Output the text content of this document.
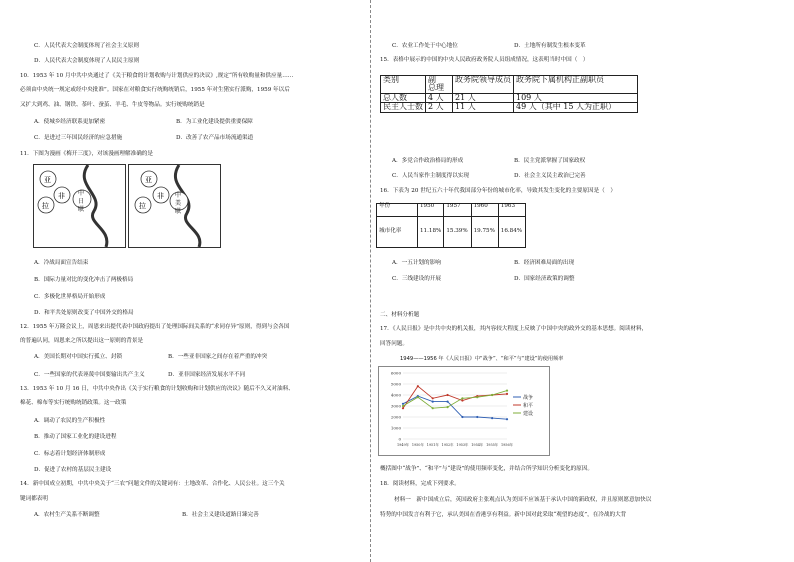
C．人民代表大会制度体现了社会主义原则
D．人民代表大会制度体现了人民民主原则
10．1953 年 10 月中共中央通过了《关于粮食的计划收购与计划供应的决议》,规定“所有收购量和供应量……
必须由中央统一规定或经中央批准”。国家在对粮食实行统购统销后，1955 年对生猪实行派购，1959 年以后
又扩大到鸡、油、钢铁、茶叶、蚕茧、羊毛、牛皮等物品。实行统购统销是
A．使城乡经济联系更加紧密	B．为工业化建设提供重要保障
C．是进过三年国民经济的应急措施	D．改善了农产品市场流通渠道
11．下图为漫画《梅开三度》，对该漫画理解准确的是
A．冷战局面宣告结束
B．国际力量对比的变化冲击了两极格局
C．多极化世界格局开始形成
D．和平共处原则改变了中国外交的格局
12．1955 年万隆会议上，周恩来出提代表中国政府提出了处理国际间关系的“求同存异”原则，得到与会各国
的普遍认同，周恩来之所以提出这一原则的背景是
A．美国长期对中国实行孤立、封锁	B．一些亚非国家之间存在着严重的冲突
C．一些国家的代表诬蔑中国要输出共产主义	D．亚非国家经济发展水平不同
13．1953 年 10 月 16 日，中共中央作出《关于实行粮食的计划收购和计划供应的决议》随后不久又对油料、
棉花、棉布等实行统购统销政策。这一政策
A．调动了农民的生产积极性
B．推动了国家工业化的建设进程
C．标志着计划经济体制形成
D．促进了农村的基层民主建设
14．新中国成立初期，中共中央关于“三农”问题文件的关键词有：土地改革、合作化、人民公社。这三个关
键词都表明
A．农村生产关系不断调整	B．社会主义建设道路日臻完善
亚
非
拉
中
日
联
亚
非
拉
中
美
联
C．农业工作处于中心地位	D．土地所有制发生根本变革
15．表格中展示的中国的中央人民政府政务院人员组成情况，这表明当时中国（　）
A．多党合作政治格局的形成	B．民主党派掌握了国家政权
C．人民当家作主制度得以实现	D．社会主义民主政治已完善
16．下表为 20 世纪五六十年代我国部分年份的城市化率，导致其发生变化的主要原因是（　）
A．一五计划的影响	B．经济困难局面的出现
C．三线建设的开展	D．国家经济政策的调整
二、材料分析题
17．《人民日报》是中共中央的机关报，其内容较大程度上反映了中国中央的政外交的基本思想。阅读材料，
回答问题。
概括图中“战争”、“和平”与“建设”的使用频率变化，并结合所学知识分析变化的原因。
18．阅读材料，完成下列要求。
材料一　新中国成立后，英国政府主张观点认为美国不应该基于承认中国的新政权，并且原则愿意加快以
特势的中国发言有利于它，承认美国在香港享有利益。新中国对此采取“观望的态度”，在冷战的大背
类别	副　总理	政务院领导成员	政务院下属机构正副职员
总人数	4 人	21 人	109 人
民主人士数	2 人	11 人	49 人（其中 15 人为正职）
年份	1950	1957	1960	1963
城市化率	11.18%	15.39%	19.75%	16.84%
1949——1956 年《人民日报》中“战争”、“和平”与“建设”的使用频率
0
1000
2000
3000
4000
5000
6000
1949年 1950年 1951年 1952年 1953年 1954年 1955年 1956年
战争
和平
建设
